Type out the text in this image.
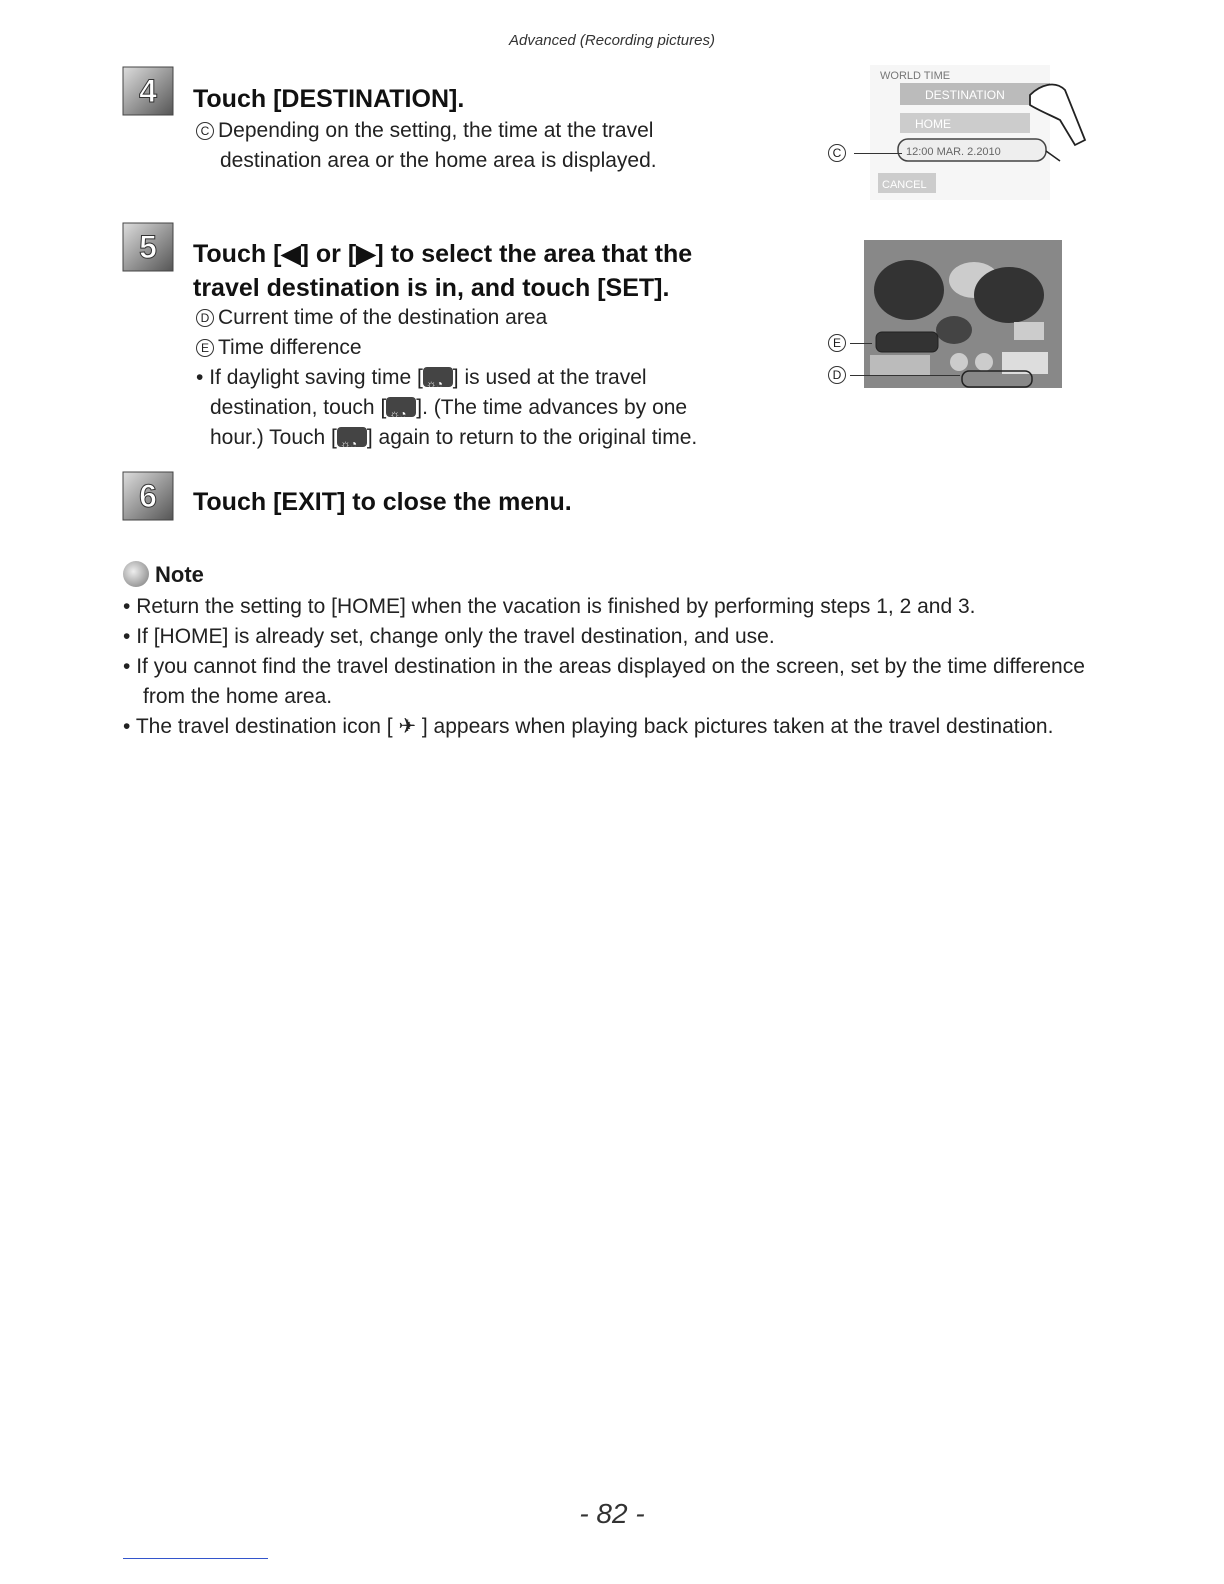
Advanced (Recording pictures)
4 Touch [DESTINATION].
C Depending on the setting, the time at the travel
destination area or the home area is displayed.
WORLD TIME
DESTINATION
HOME
12:00 MAR. 2.2010
CANCEL
C
5 Touch [◀] or [▶] to select the area that the
travel destination is in, and touch [SET].
D Current time of the destination area
E Time difference
• If daylight saving time [ ☼◔ ] is used at the travel
destination, touch [ ☼◔ ]. (The time advances by one
hour.) Touch [ ☼◔ ] again to return to the original time.
E
D
6 Touch [EXIT] to close the menu.
Note
• Return the setting to [HOME] when the vacation is finished by performing steps 1, 2 and 3.
• If [HOME] is already set, change only the travel destination, and use.
• If you cannot find the travel destination in the areas displayed on the screen, set by the time difference from the home area.
• The travel destination icon [ ✈ ] appears when playing back pictures taken at the travel destination.
- 82 -
